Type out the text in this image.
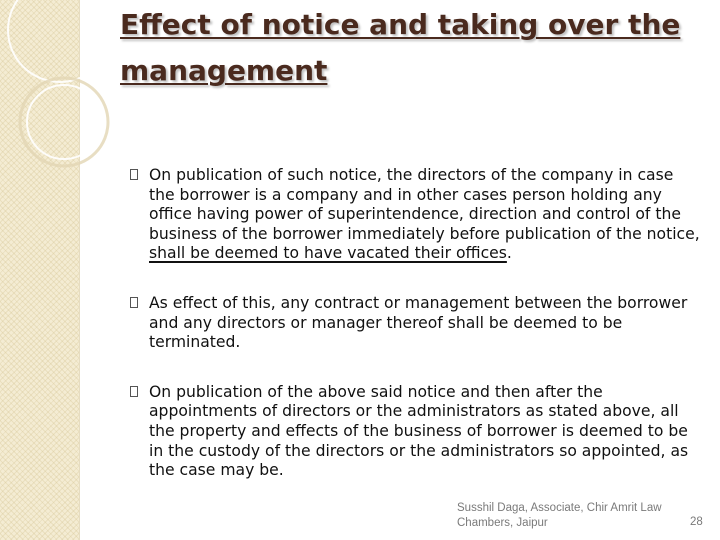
Effect of notice and taking over the management
On publication of such notice, the directors of the company in case the borrower is a company and in other cases person holding any office having power of superintendence, direction and control of the business of the borrower immediately before publication of the notice, shall be deemed to have vacated their offices.
As effect of this, any contract or management between the borrower and any directors or manager thereof shall be deemed to be terminated.
On publication of the above said notice and then after the appointments of directors or the administrators as stated above, all the property and effects of the business of borrower is deemed to be in the custody of the directors or the administrators so appointed, as the case may be.
Susshil Daga, Associate, Chir Amrit Law
Chambers, Jaipur	28
